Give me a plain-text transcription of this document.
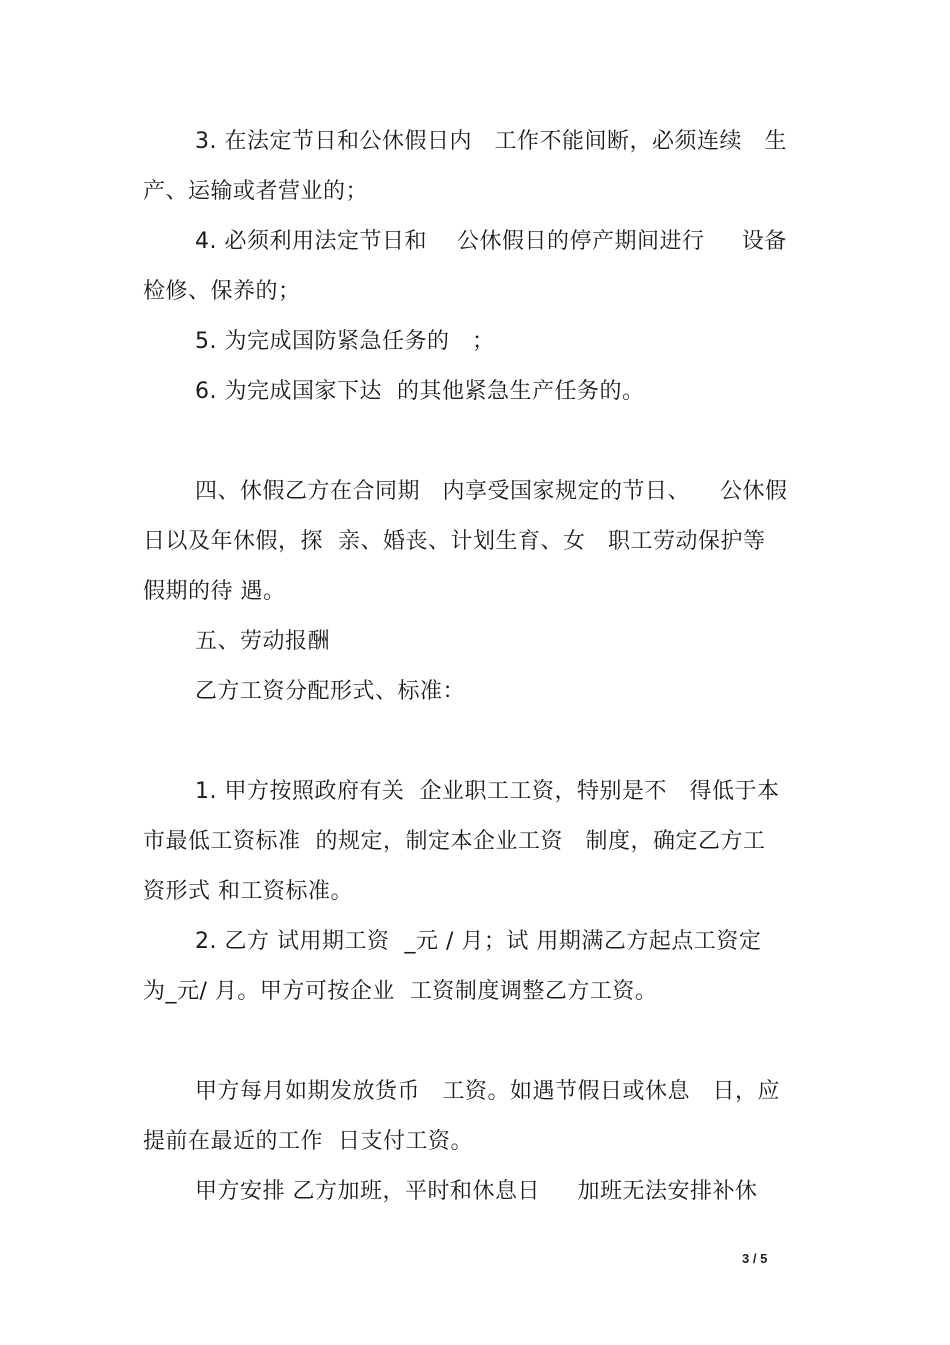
3. 在法定节日和公休假日内   工作不能间断，必须连续   生
产、运输或者营业的；
4. 必须利用法定节日和    公休假日的停产期间进行     设备
检修、保养的；
5. 为完成国防紧急任务的   ；
6. 为完成国家下达  的其他紧急生产任务的。
四、休假乙方在合同期   内享受国家规定的节日、    公休假
日以及年休假，探  亲、婚丧、计划生育、女   职工劳动保护等
假期的待 遇。
五、劳动报酬
乙方工资分配形式、标准：
1. 甲方按照政府有关  企业职工工资，特别是不   得低于本
市最低工资标准  的规定，制定本企业工资   制度，确定乙方工
资形式 和工资标准。
2. 乙方 试用期工资  _元 / 月；试 用期满乙方起点工资定
为_元/ 月。甲方可按企业  工资制度调整乙方工资。
甲方每月如期发放货币   工资。如遇节假日或休息   日，应
提前在最近的工作  日支付工资。
甲方安排 乙方加班，平时和休息日     加班无法安排补休
3 / 5
